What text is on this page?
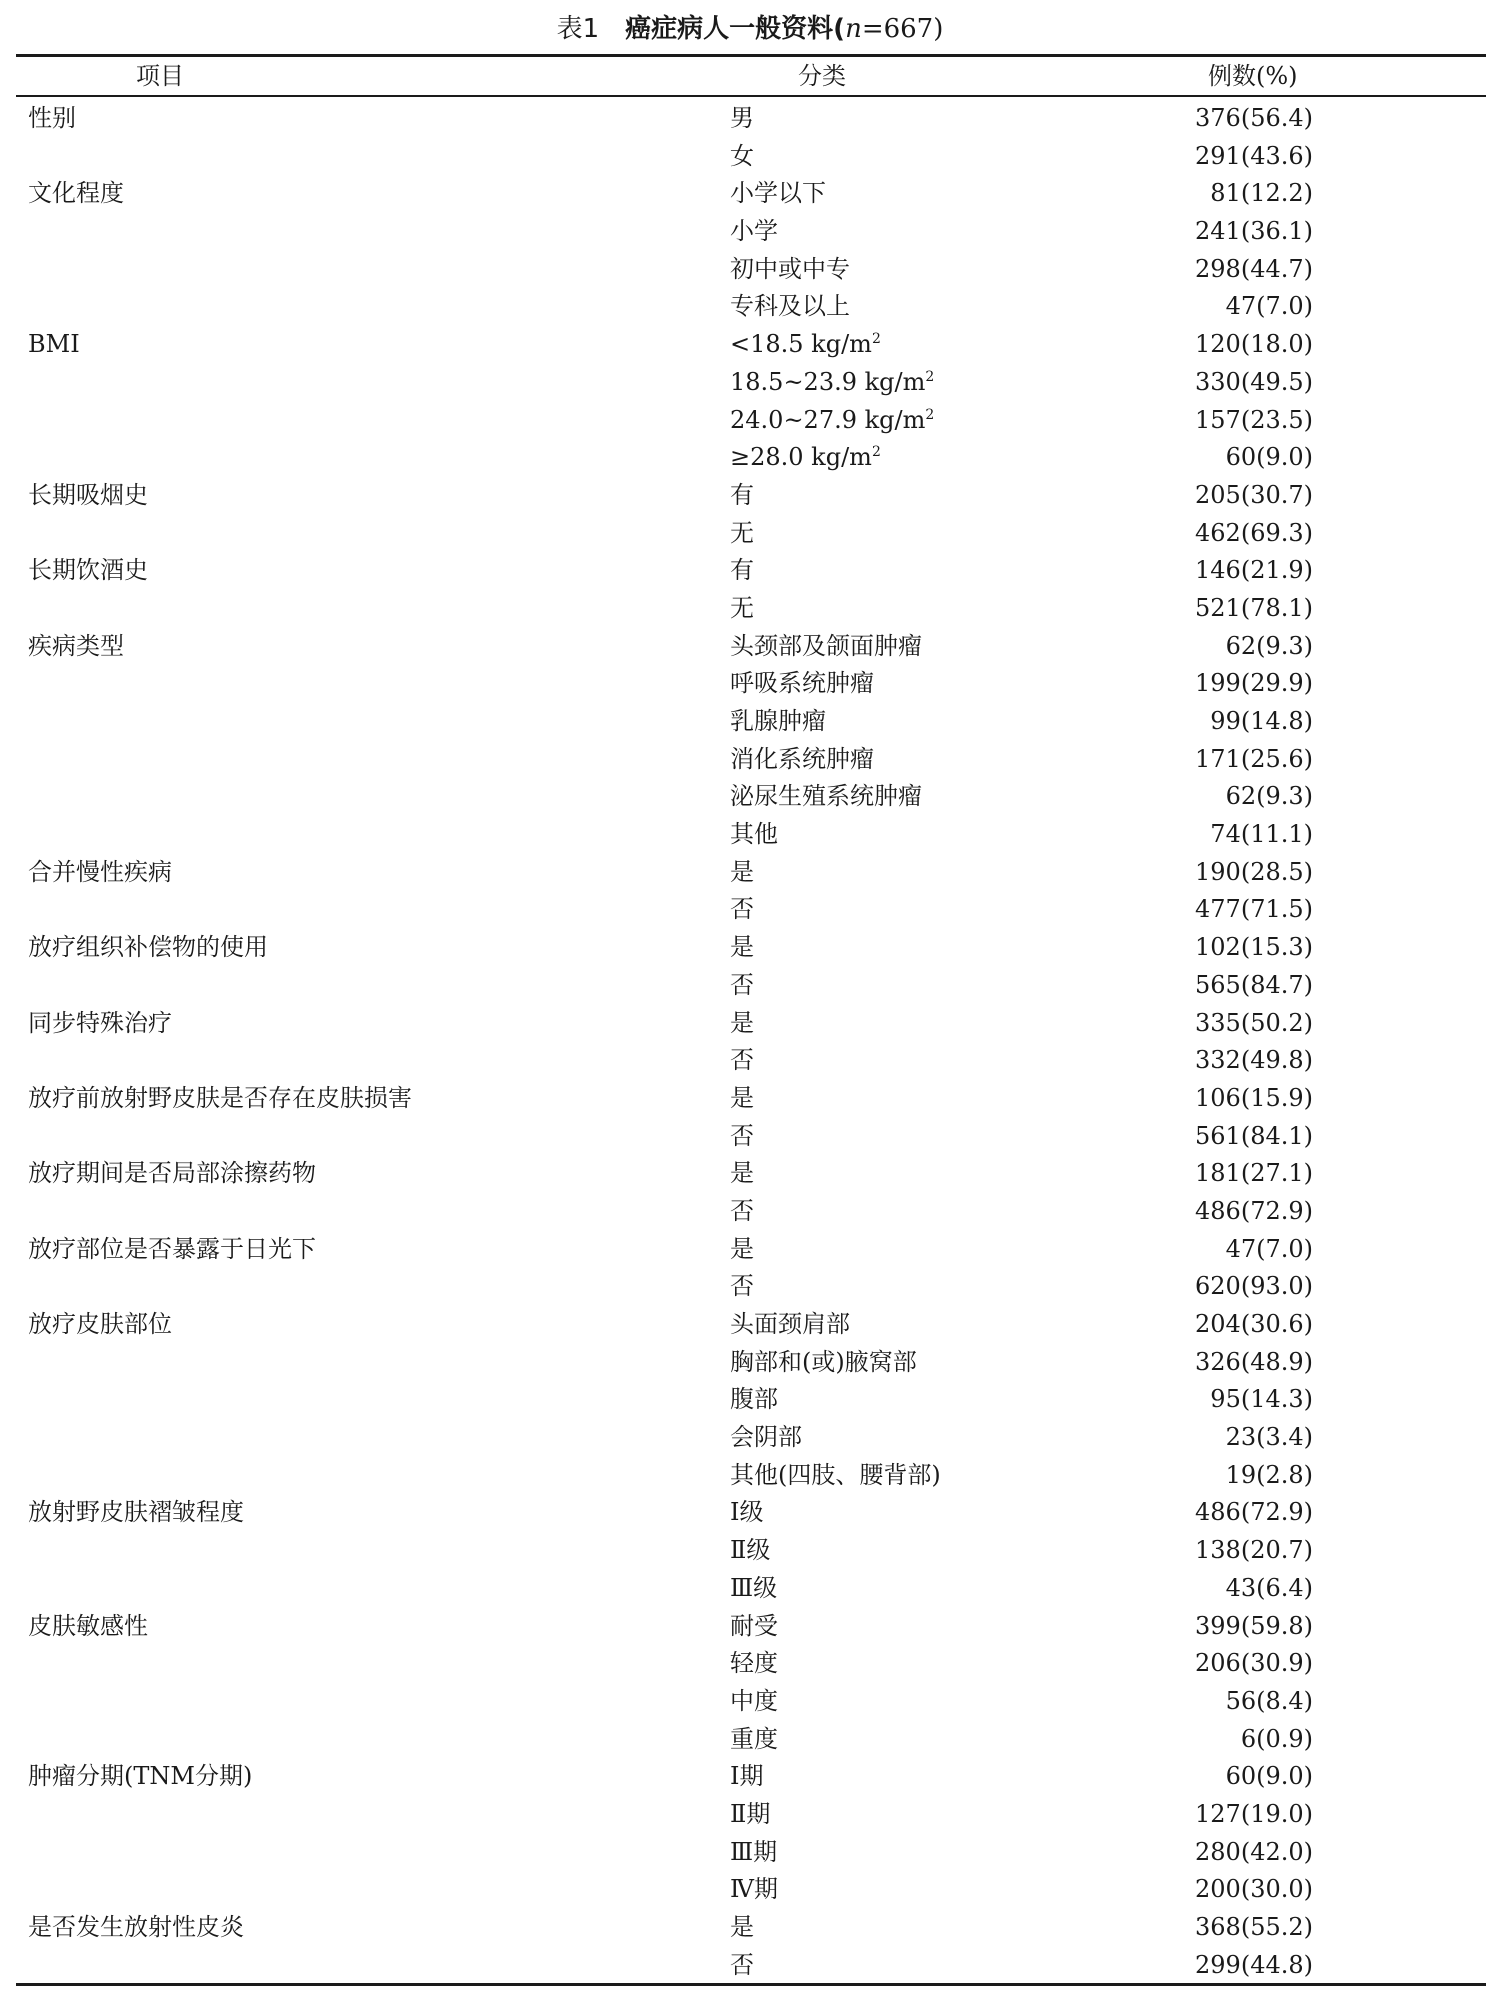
表1 癌症病人一般资料(n=667)
项目	分类	例数(%)
性别	男	376(56.4)
女	291(43.6)
文化程度	小学以下	81(12.2)
小学	241(36.1)
初中或中专	298(44.7)
专科及以上	47(7.0)
BMI	<18.5 $kg/m^2$	120(18.0)
18.5~23.9 $kg/m^2$	330(49.5)
24.0~27.9 $kg/m^2$	157(23.5)
≥28.0 $kg/m^2$	60(9.0)
长期吸烟史	有	205(30.7)
无	462(69.3)
长期饮酒史	有	146(21.9)
无	521(78.1)
疾病类型	头颈部及颌面肿瘤	62(9.3)
呼吸系统肿瘤	199(29.9)
乳腺肿瘤	99(14.8)
消化系统肿瘤	171(25.6)
泌尿生殖系统肿瘤	62(9.3)
其他	74(11.1)
合并慢性疾病	是	190(28.5)
否	477(71.5)
放疗组织补偿物的使用	是	102(15.3)
否	565(84.7)
同步特殊治疗	是	335(50.2)
否	332(49.8)
放疗前放射野皮肤是否存在皮肤损害	是	106(15.9)
否	561(84.1)
放疗期间是否局部涂擦药物	是	181(27.1)
否	486(72.9)
放疗部位是否暴露于日光下	是	47(7.0)
否	620(93.0)
放疗皮肤部位	头面颈肩部	204(30.6)
胸部和(或)腋窝部	326(48.9)
腹部	95(14.3)
会阴部	23(3.4)
其他(四肢、腰背部)	19(2.8)
放射野皮肤褶皱程度	Ⅰ级	486(72.9)
Ⅱ级	138(20.7)
Ⅲ级	43(6.4)
皮肤敏感性	耐受	399(59.8)
轻度	206(30.9)
中度	56(8.4)
重度	6(0.9)
肿瘤分期(TNM分期)	Ⅰ期	60(9.0)
Ⅱ期	127(19.0)
Ⅲ期	280(42.0)
Ⅳ期	200(30.0)
是否发生放射性皮炎	是	368(55.2)
否	299(44.8)
